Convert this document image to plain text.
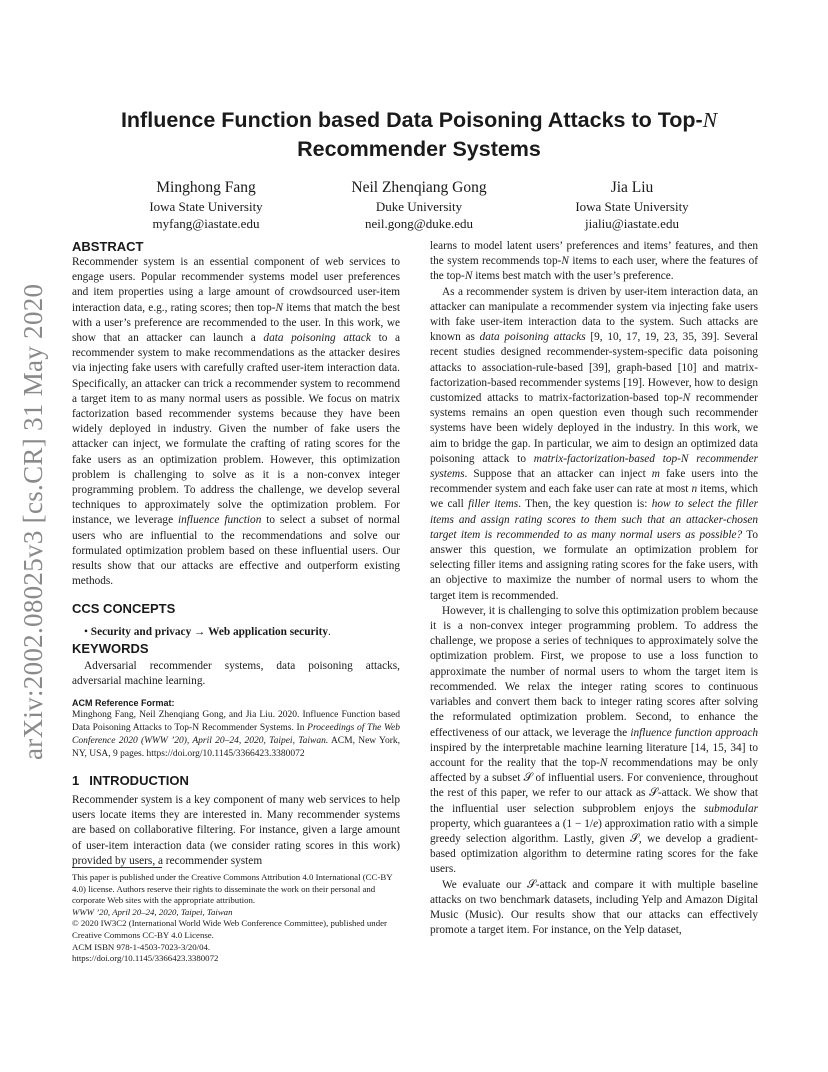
arXiv:2002.08025v3 [cs.CR] 31 May 2020
Influence Function based Data Poisoning Attacks to Top-N
Recommender Systems
Minghong Fang
Iowa State University
myfang@iastate.edu
Neil Zhenqiang Gong
Duke University
neil.gong@duke.edu
Jia Liu
Iowa State University
jialiu@iastate.edu
ABSTRACT

Recommender system is an essential component of web services to engage users. Popular recommender systems model user preferences and item properties using a large amount of crowdsourced user-item interaction data, e.g., rating scores; then top-N items that match the best with a user’s preference are recommended to the user. In this work, we show that an attacker can launch a data poisoning attack to a recommender system to make recommendations as the attacker desires via injecting fake users with carefully crafted user-item interaction data. Specifically, an attacker can trick a recommender system to recommend a target item to as many normal users as possible. We focus on matrix factorization based recommender systems because they have been widely deployed in industry. Given the number of fake users the attacker can inject, we formulate the crafting of rating scores for the fake users as an optimization problem. However, this optimization problem is challenging to solve as it is a non-convex integer programming problem. To address the challenge, we develop several techniques to approximately solve the optimization problem. For instance, we leverage influence function to select a subset of normal users who are influential to the recommendations and solve our formulated optimization problem based on these influential users. Our results show that our attacks are effective and outperform existing methods.

CCS CONCEPTS
• Security and privacy → Web application security.
KEYWORDS

Adversarial recommender systems, data poisoning attacks, adversarial machine learning.

ACM Reference Format:
Minghong Fang, Neil Zhenqiang Gong, and Jia Liu. 2020. Influence Function based Data Poisoning Attacks to Top-N Recommender Systems. In Proceedings of The Web Conference 2020 (WWW ’20), April 20–24, 2020, Taipei, Taiwan. ACM, New York, NY, USA, 9 pages. https://doi.org/10.1145/3366423.3380072
1 INTRODUCTION

Recommender system is a key component of many web services to help users locate items they are interested in. Many recommender systems are based on collaborative filtering. For instance, given a large amount of user-item interaction data (we consider rating scores in this work) provided by users, a recommender system

This paper is published under the Creative Commons Attribution 4.0 International (CC-BY 4.0) license. Authors reserve their rights to disseminate the work on their personal and corporate Web sites with the appropriate attribution.

WWW ’20, April 20–24, 2020, Taipei, Taiwan

© 2020 IW3C2 (International World Wide Web Conference Committee), published under Creative Commons CC-BY 4.0 License.

ACM ISBN 978-1-4503-7023-3/20/04.

https://doi.org/10.1145/3366423.3380072

learns to model latent users’ preferences and items’ features, and then the system recommends top-N items to each user, where the features of the top-N items best match with the user’s preference.

As a recommender system is driven by user-item interaction data, an attacker can manipulate a recommender system via injecting fake users with fake user-item interaction data to the system. Such attacks are known as data poisoning attacks [9, 10, 17, 19, 23, 35, 39]. Several recent studies designed recommender-system-specific data poisoning attacks to association-rule-based [39], graph-based [10] and matrix-factorization-based recommender systems [19]. However, how to design customized attacks to matrix-factorization-based top-N recommender systems remains an open question even though such recommender systems have been widely deployed in the industry. In this work, we aim to bridge the gap. In particular, we aim to design an optimized data poisoning attack to matrix-factorization-based top-N recommender systems. Suppose that an attacker can inject m fake users into the recommender system and each fake user can rate at most n items, which we call filler items. Then, the key question is: how to select the filler items and assign rating scores to them such that an attacker-chosen target item is recommended to as many normal users as possible? To answer this question, we formulate an optimization problem for selecting filler items and assigning rating scores for the fake users, with an objective to maximize the number of normal users to whom the target item is recommended.

However, it is challenging to solve this optimization problem because it is a non-convex integer programming problem. To address the challenge, we propose a series of techniques to approximately solve the optimization problem. First, we propose to use a loss function to approximate the number of normal users to whom the target item is recommended. We relax the integer rating scores to continuous variables and convert them back to integer rating scores after solving the reformulated optimization problem. Second, to enhance the effectiveness of our attack, we leverage the influence function approach inspired by the interpretable machine learning literature [14, 15, 34] to account for the reality that the top-N recommendations may be only affected by a subset 𝒮 of influential users. For convenience, throughout the rest of this paper, we refer to our attack as 𝒮-attack. We show that the influential user selection subproblem enjoys the submodular property, which guarantees a (1 − 1/e) approximation ratio with a simple greedy selection algorithm. Lastly, given 𝒮, we develop a gradient-based optimization algorithm to determine rating scores for the fake users.

We evaluate our 𝒮-attack and compare it with multiple baseline attacks on two benchmark datasets, including Yelp and Amazon Digital Music (Music). Our results show that our attacks can effectively promote a target item. For instance, on the Yelp dataset,
